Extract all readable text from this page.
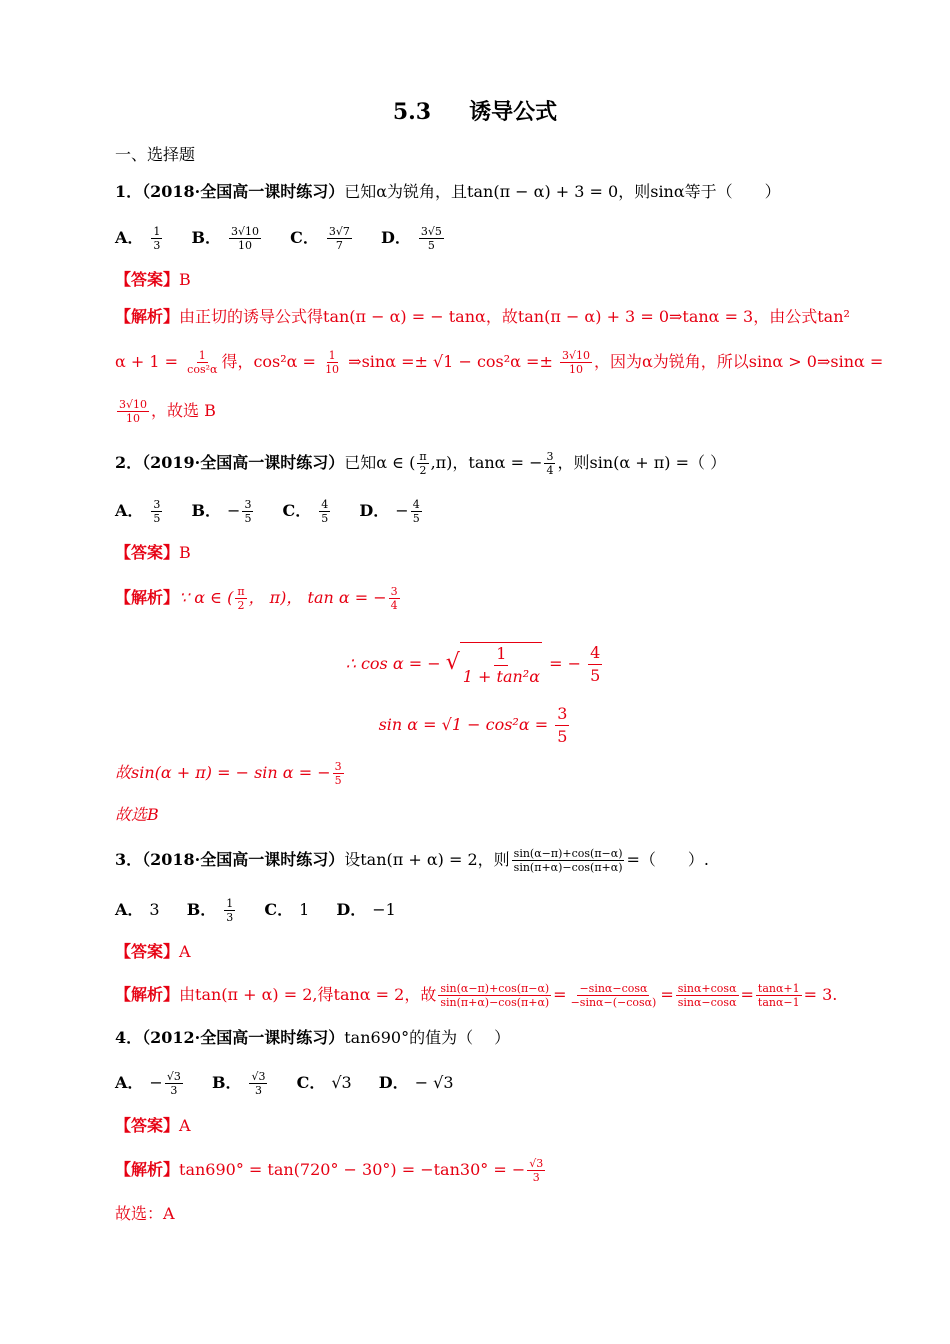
5.3 诱导公式
一、选择题
1．（2018·全国高一课时练习）已知α为锐角，且tan(π − α) + 3 = 0，则sinα等于（　　）
A． $\frac{1}{3}$ B． $\frac{3√10}{10}$ C． $\frac{3√7}{7}$ D． $\frac{3√5}{5}$
【答案】B
【解析】由正切的诱导公式得tan(π − α) = − tanα，故tan(π − α) + 3 = 0⇒tanα = 3，由公式tan²
$\alpha + 1 = \frac{1}{\text{cos²α}}$ 得，$\cos^2\alpha = \frac{1}{10}$ ⇒sinα =± $√1 - \cos^2\alpha =\pm \frac{3√10}{10}$ ，因为α为锐角，所以sinα > 0⇒sinα =
$\frac{3√10}{10}$ ，故选 B
2．（2019·全国高一课时练习）已知α ∈ ( $\frac{\pi}{2} ,\pi$)，tanα = − $\frac{3}{4}$ ，则sin(α + π) =（ ）
A． $\frac{3}{5}$ B． − $\frac{3}{5}$ C． $\frac{4}{5}$ D． − $\frac{4}{5}$
【答案】B
【解析】∵ α ∈ ( $\frac{\pi}{2}$ ， π)， tan α = − $\frac{3}{4}$
∴ cos α = − √ $\frac{1}{\text{1 + tan²α}}$ = − $\frac{4}{5}$
$\sin \alpha = √1 - \cos^2\alpha = \frac{3}{5}$
故sin(α + π) = − sin α = − $\frac{3}{5}$
故选B
3．（2018·全国高一课时练习）设tan(π + α) = 2，则 $\frac{\sin(\alpha-\pi)+\cos(\pi-\alpha)}{\sin(\pi+\alpha)-\cos(\pi+\alpha)}$ =（　　）.
A． 3 B． $\frac{1}{3}$ C． 1 D． −1
【答案】A
【解析】由tan(π + α) = 2,得tanα = 2，故 $\frac{\sin(\alpha-\pi)+\cos(\pi-\alpha)}{\sin(\pi+\alpha)-\cos(\pi+\alpha)} = \frac{-\sin\alpha-\cos\alpha}{-\sin\alpha-(-\cos\alpha)} = \frac{\sin\alpha+\cos\alpha}{\sin\alpha-\cos\alpha} = \frac{\tan\alpha+1}{\tan\alpha-1} = 3$.
4．（2012·全国高一课时练习）tan690°的值为（　 ）
A． − $\frac{√3}{3}$ B． $\frac{√3}{3}$ C． √3 D． − √3
【答案】A
【解析】tan690° = tan(720° − 30°) = −tan30° = − $\frac{√3}{3}$
故选：A
